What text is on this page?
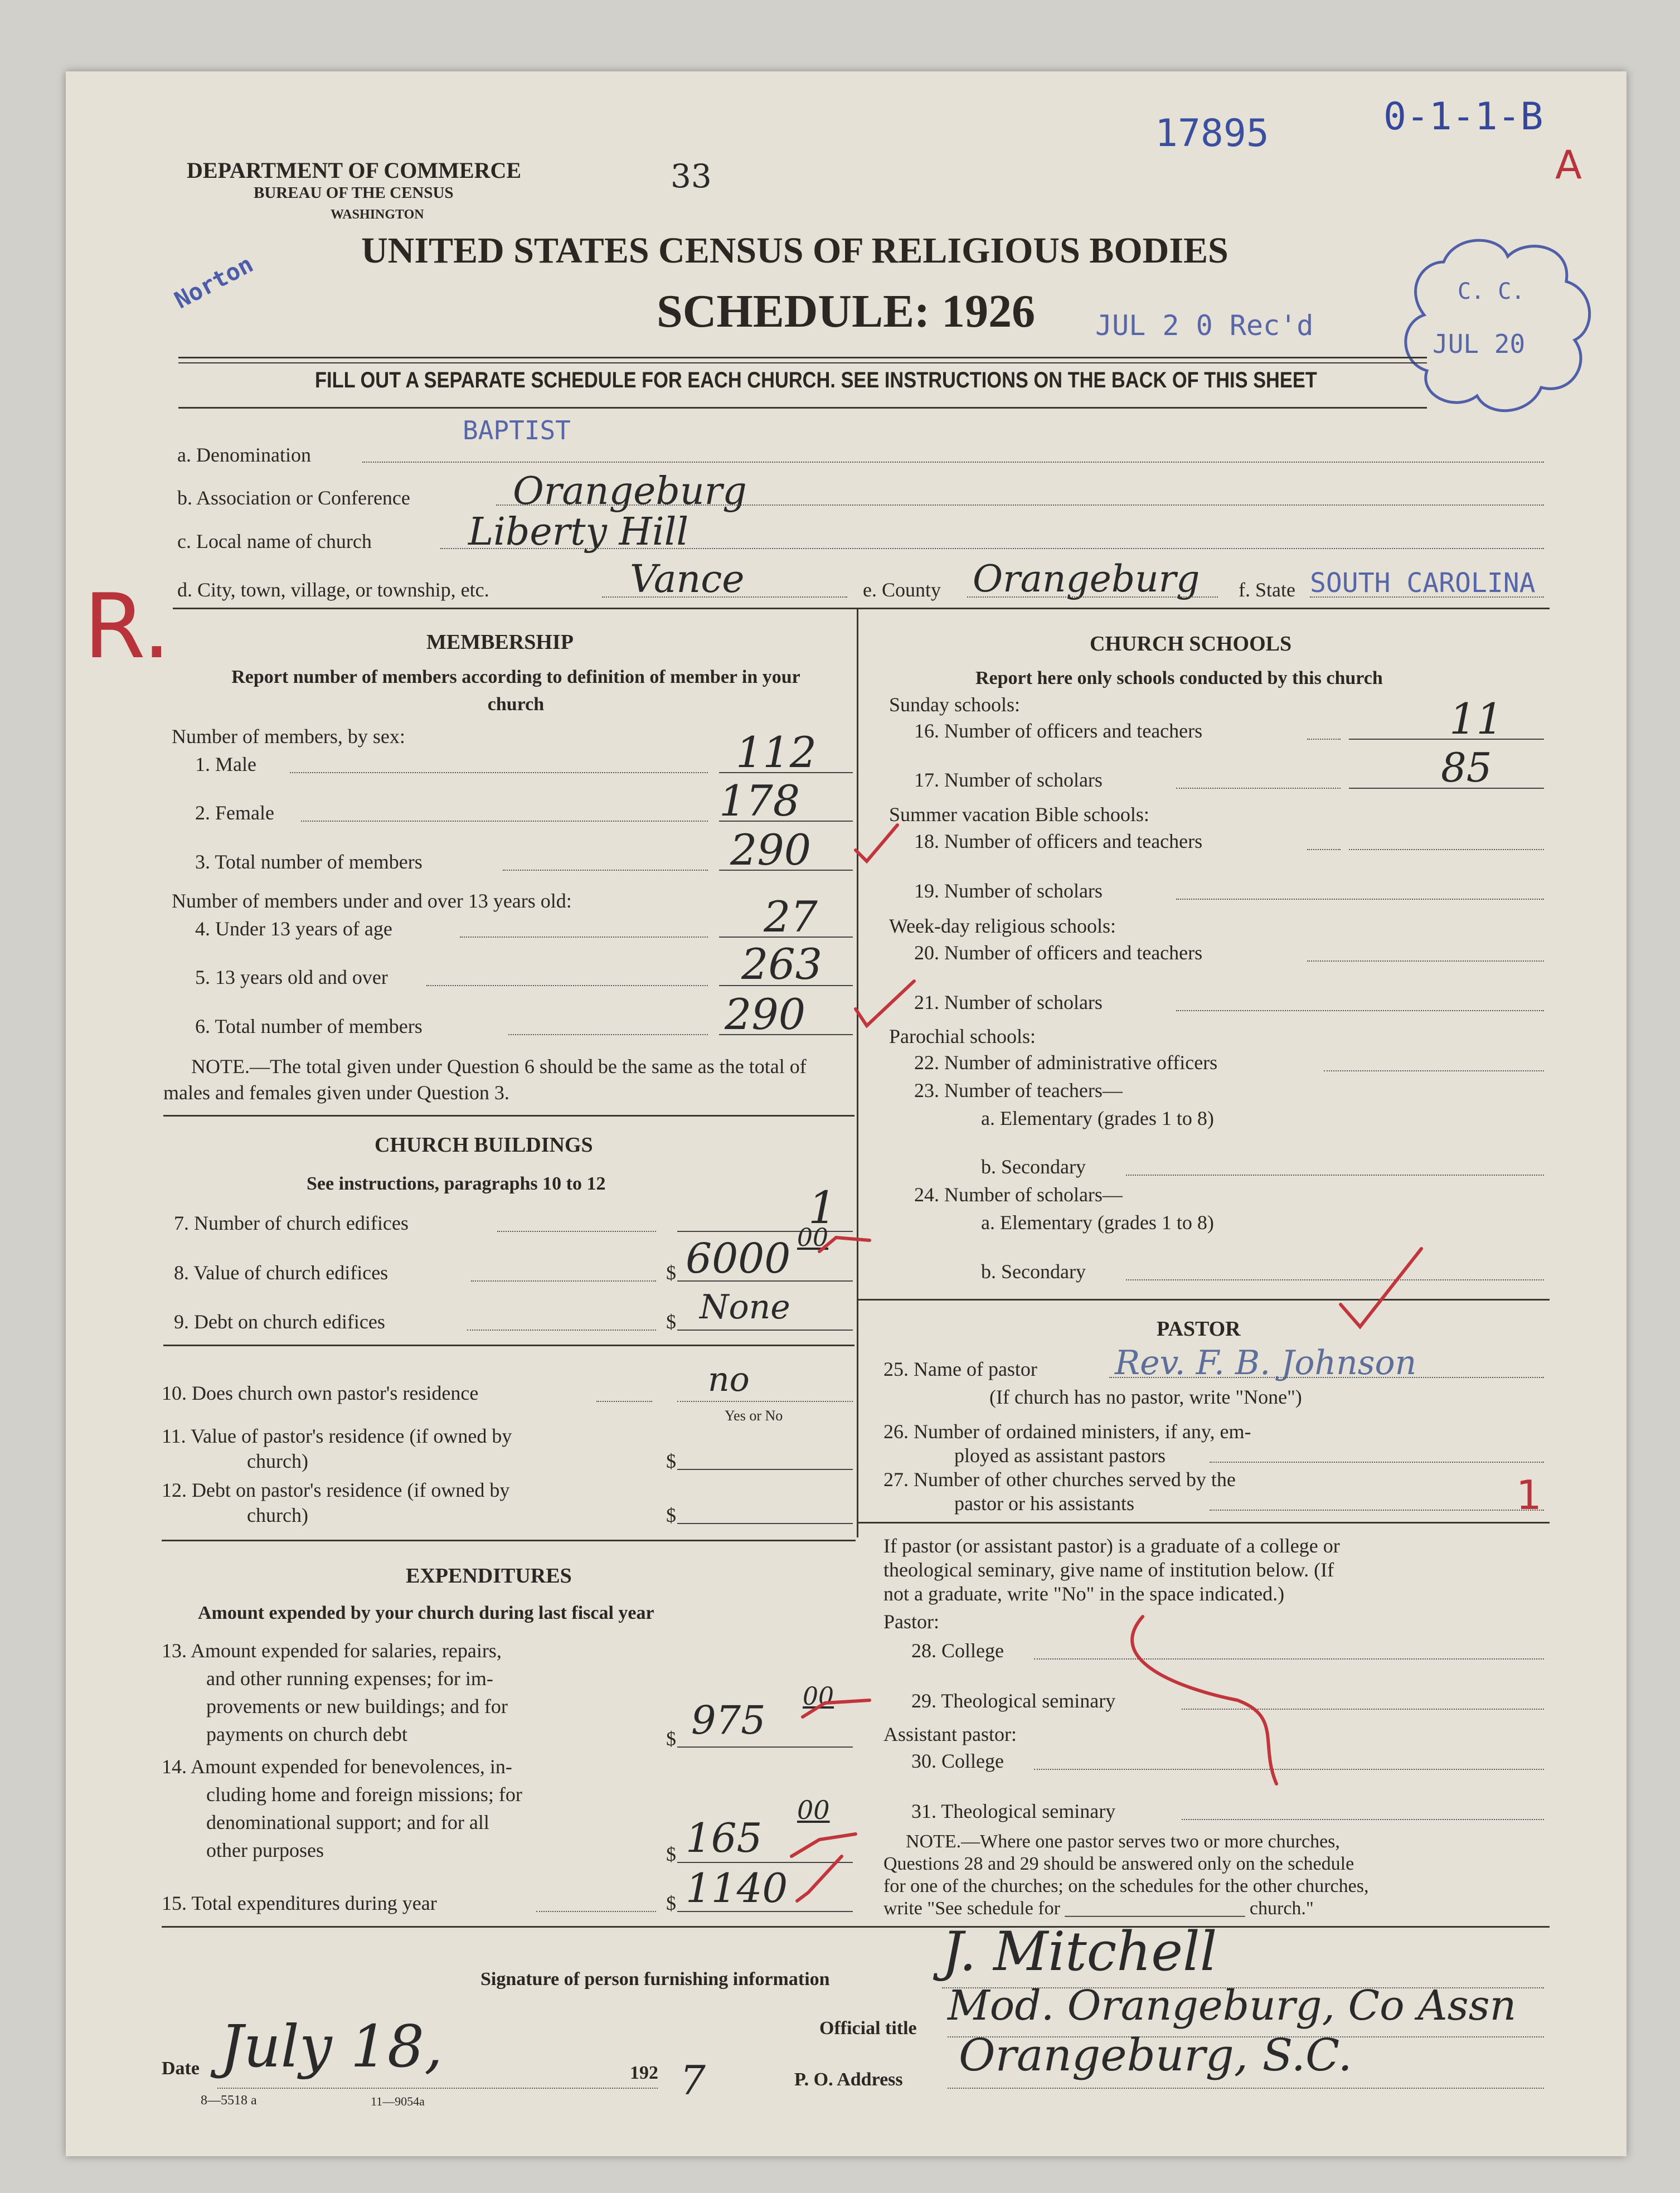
DEPARTMENT OF COMMERCE
BUREAU OF THE CENSUS
WASHINGTON
33
17895	0-1-1-B
A
Norton	UNITED STATES CENSUS OF RELIGIOUS BODIES
SCHEDULE: 1926 JUL 2 0 Rec'd
C. C.
JUL 20
FILL OUT A SEPARATE SCHEDULE FOR EACH CHURCH. SEE INSTRUCTIONS ON THE BACK OF THIS SHEET
BAPTIST
a. Denomination
b. Association or Conference	Orangeburg
c. Local name of church	Liberty Hill
R. d. City, town, village, or township, etc.	Vance	e. County Orangeburg f. State SOUTH CAROLINA
MEMBERSHIP
Report number of members according to definition of member in your church
Number of members, by sex:
1. Male	112
2. Female	178
3. Total number of members	290
Number of members under and over 13 years old:
4. Under 13 years of age	27
5. 13 years old and over	263
6. Total number of members	290
NOTE.—The total given under Question 6 should be the same as the total of males and females given under Question 3.
CHURCH BUILDINGS
See instructions, paragraphs 10 to 12
7. Number of church edifices	1
8. Value of church edifices	$ 6000 00
9. Debt on church edifices	$ None
10. Does church own pastor's residence	no
Yes or No
11. Value of pastor's residence (if owned by
church)	$
12. Debt on pastor's residence (if owned by
church)	$
EXPENDITURES
Amount expended by your church during last fiscal year
13. Amount expended for salaries, repairs,
and other running expenses; for im-
provements or new buildings; and for
payments on church debt	$ 975
00
14. Amount expended for benevolences, in-
cluding home and foreign missions; for
denominational support; and for all
other purposes	$ 165
00
15. Total expenditures during year	$ 1140
CHURCH SCHOOLS
Report here only schools conducted by this church
Sunday schools:
16. Number of officers and teachers	11
17. Number of scholars	85
Summer vacation Bible schools:
18. Number of officers and teachers
19. Number of scholars
Week-day religious schools:
20. Number of officers and teachers
21. Number of scholars
Parochial schools:
22. Number of administrative officers
23. Number of teachers—
a. Elementary (grades 1 to 8)
b. Secondary
24. Number of scholars—
a. Elementary (grades 1 to 8)
b. Secondary
PASTOR
25. Name of pastor Rev. F. B. Johnson
(If church has no pastor, write "None")
26. Number of ordained ministers, if any, em-
ployed as assistant pastors
27. Number of other churches served by the
pastor or his assistants	1
If pastor (or assistant pastor) is a graduate of a college or
theological seminary, give name of institution below. (If
not a graduate, write "No" in the space indicated.)
Pastor:
28. College
29. Theological seminary
Assistant pastor:
30. College
31. Theological seminary
NOTE.—Where one pastor serves two or more churches,
Questions 28 and 29 should be answered only on the schedule
for one of the churches; on the schedules for the other churches,
write "See schedule for ___________________ church."
Signature of person furnishing information J. Mitchell
Official title Mod. Orangeburg, Co Assn
Date July 18,	192 7	P. O. Address Orangeburg, S.C.
8—5518 a	11—9054a
